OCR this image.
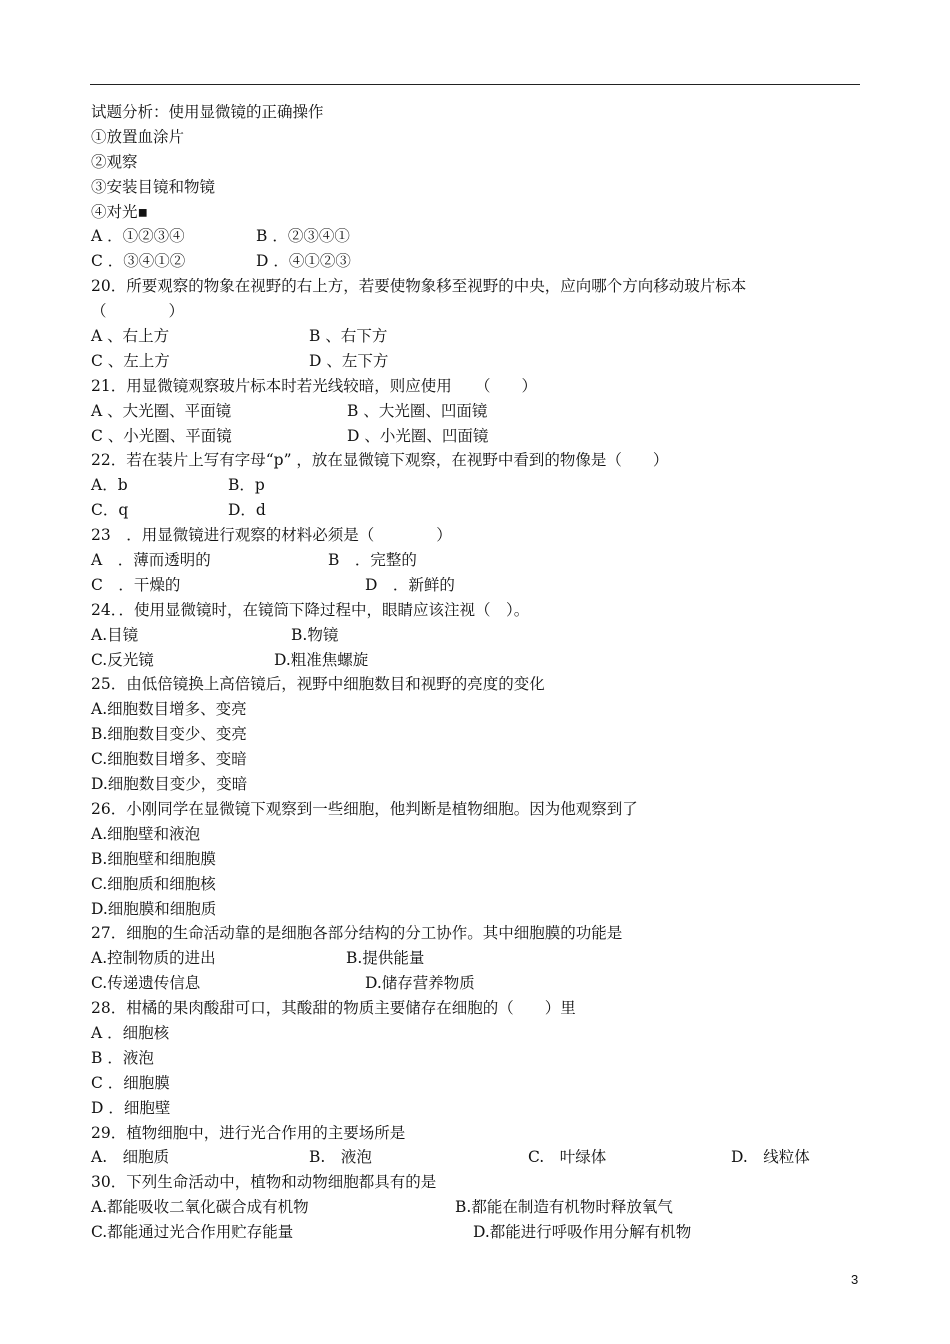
试题分析：使用显微镜的正确操作
①放置血涂片
②观察
③安装目镜和物镜
④对光▪
A ．①②③④	B ．②③④①
C ．③④①②	D ．④①②③
20．所要观察的物象在视野的右上方，若要使物象移至视野的中央，应向哪个方向移动玻片标本
（　　　　）
A 、右上方	B 、右下方
C 、左上方	D 、左下方
21．用显微镜观察玻片标本时若光线较暗，则应使用　　（　　）
A 、大光圈、平面镜	B 、大光圈、凹面镜
C 、小光圈、平面镜	D 、小光圈、凹面镜
22．若在装片上写有字母“p” ，放在显微镜下观察，在视野中看到的物像是（　　）
A．b	B．p
C．q	D．d
23　．用显微镜进行观察的材料必须是（　　　　）
A　．薄而透明的	B　．完整的
C　．干燥的	D　．新鲜的
24．．使用显微镜时，在镜筒下降过程中，眼睛应该注视（　）。
A.目镜	B.物镜
C.反光镜	D.粗准焦螺旋
25．由低倍镜换上高倍镜后，视野中细胞数目和视野的亮度的变化
A.细胞数目增多、变亮
B.细胞数目变少、变亮
C.细胞数目增多、变暗
D.细胞数目变少，变暗
26．小刚同学在显微镜下观察到一些细胞，他判断是植物细胞。因为他观察到了
A.细胞壁和液泡
B.细胞壁和细胞膜
C.细胞质和细胞核
D.细胞膜和细胞质
27．细胞的生命活动靠的是细胞各部分结构的分工协作。其中细胞膜的功能是
A.控制物质的进出	B.提供能量
C.传递遗传信息	D.储存营养物质
28．柑橘的果肉酸甜可口，其酸甜的物质主要储存在细胞的（　　）里
A ．细胞核
B ．液泡
C ．细胞膜
D ．细胞壁
29．植物细胞中，进行光合作用的主要场所是
A.　细胞质	B.　液泡	C.　叶绿体	D.　线粒体
30．下列生命活动中，植物和动物细胞都具有的是
A.都能吸收二氧化碳合成有机物	B.都能在制造有机物时释放氧气
C.都能通过光合作用贮存能量	D.都能进行呼吸作用分解有机物
3
